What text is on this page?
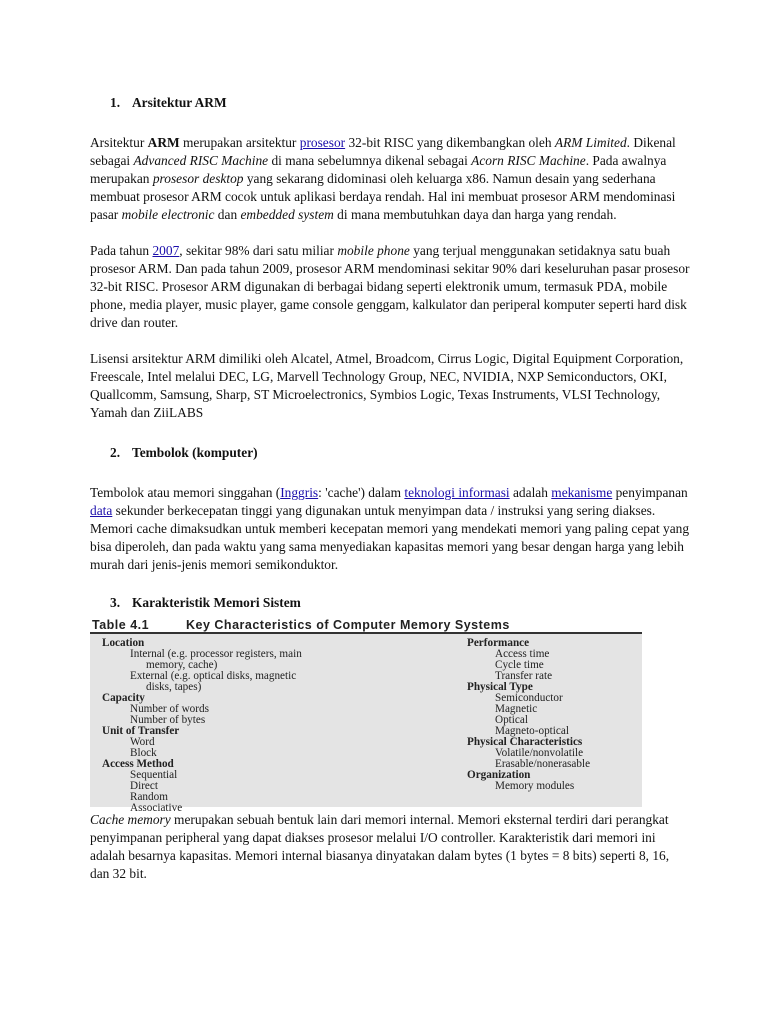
1. Arsitektur ARM

Arsitektur ARM merupakan arsitektur prosesor 32-bit RISC yang dikembangkan oleh ARM Limited. Dikenal sebagai Advanced RISC Machine di mana sebelumnya dikenal sebagai Acorn RISC Machine. Pada awalnya merupakan prosesor desktop yang sekarang didominasi oleh keluarga x86. Namun desain yang sederhana membuat prosesor ARM cocok untuk aplikasi berdaya rendah. Hal ini membuat prosesor ARM mendominasi pasar mobile electronic dan embedded system di mana membutuhkan daya dan harga yang rendah.

Pada tahun 2007, sekitar 98% dari satu miliar mobile phone yang terjual menggunakan setidaknya satu buah prosesor ARM. Dan pada tahun 2009, prosesor ARM mendominasi sekitar 90% dari keseluruhan pasar prosesor 32-bit RISC. Prosesor ARM digunakan di berbagai bidang seperti elektronik umum, termasuk PDA, mobile phone, media player, music player, game console genggam, kalkulator dan periperal komputer seperti hard disk drive dan router.

Lisensi arsitektur ARM dimiliki oleh Alcatel, Atmel, Broadcom, Cirrus Logic, Digital Equipment Corporation, Freescale, Intel melalui DEC, LG, Marvell Technology Group, NEC, NVIDIA, NXP Semiconductors, OKI, Quallcomm, Samsung, Sharp, ST Microelectronics, Symbios Logic, Texas Instruments, VLSI Technology, Yamah dan ZiiLABS

2. Tembolok (komputer)

Tembolok atau memori singgahan (Inggris: 'cache') dalam teknologi informasi adalah mekanisme penyimpanan data sekunder berkecepatan tinggi yang digunakan untuk menyimpan data / instruksi yang sering diakses. Memori cache dimaksudkan untuk memberi kecepatan memori yang mendekati memori yang paling cepat yang bisa diperoleh, dan pada waktu yang sama menyediakan kapasitas memori yang besar dengan harga yang lebih murah dari jenis-jenis memori semikonduktor.

3. Karakteristik Memori Sistem
Table 4.1	Key Characteristics of Computer Memory Systems
Location
Internal (e.g. processor registers, main
memory, cache)
External (e.g. optical disks, magnetic
disks, tapes)
Capacity
Number of words
Number of bytes
Unit of Transfer
Word
Block
Access Method
Sequential
Direct
Random
Associative
Performance
Access time
Cycle time
Transfer rate
Physical Type
Semiconductor
Magnetic
Optical
Magneto-optical
Physical Characteristics
Volatile/nonvolatile
Erasable/nonerasable
Organization
Memory modules

Cache memory merupakan sebuah bentuk lain dari memori internal. Memori eksternal terdiri dari perangkat penyimpanan peripheral yang dapat diakses prosesor melalui I/O controller. Karakteristik dari memori ini adalah besarnya kapasitas. Memori internal biasanya dinyatakan dalam bytes (1 bytes = 8 bits) seperti 8, 16, dan 32 bit.
